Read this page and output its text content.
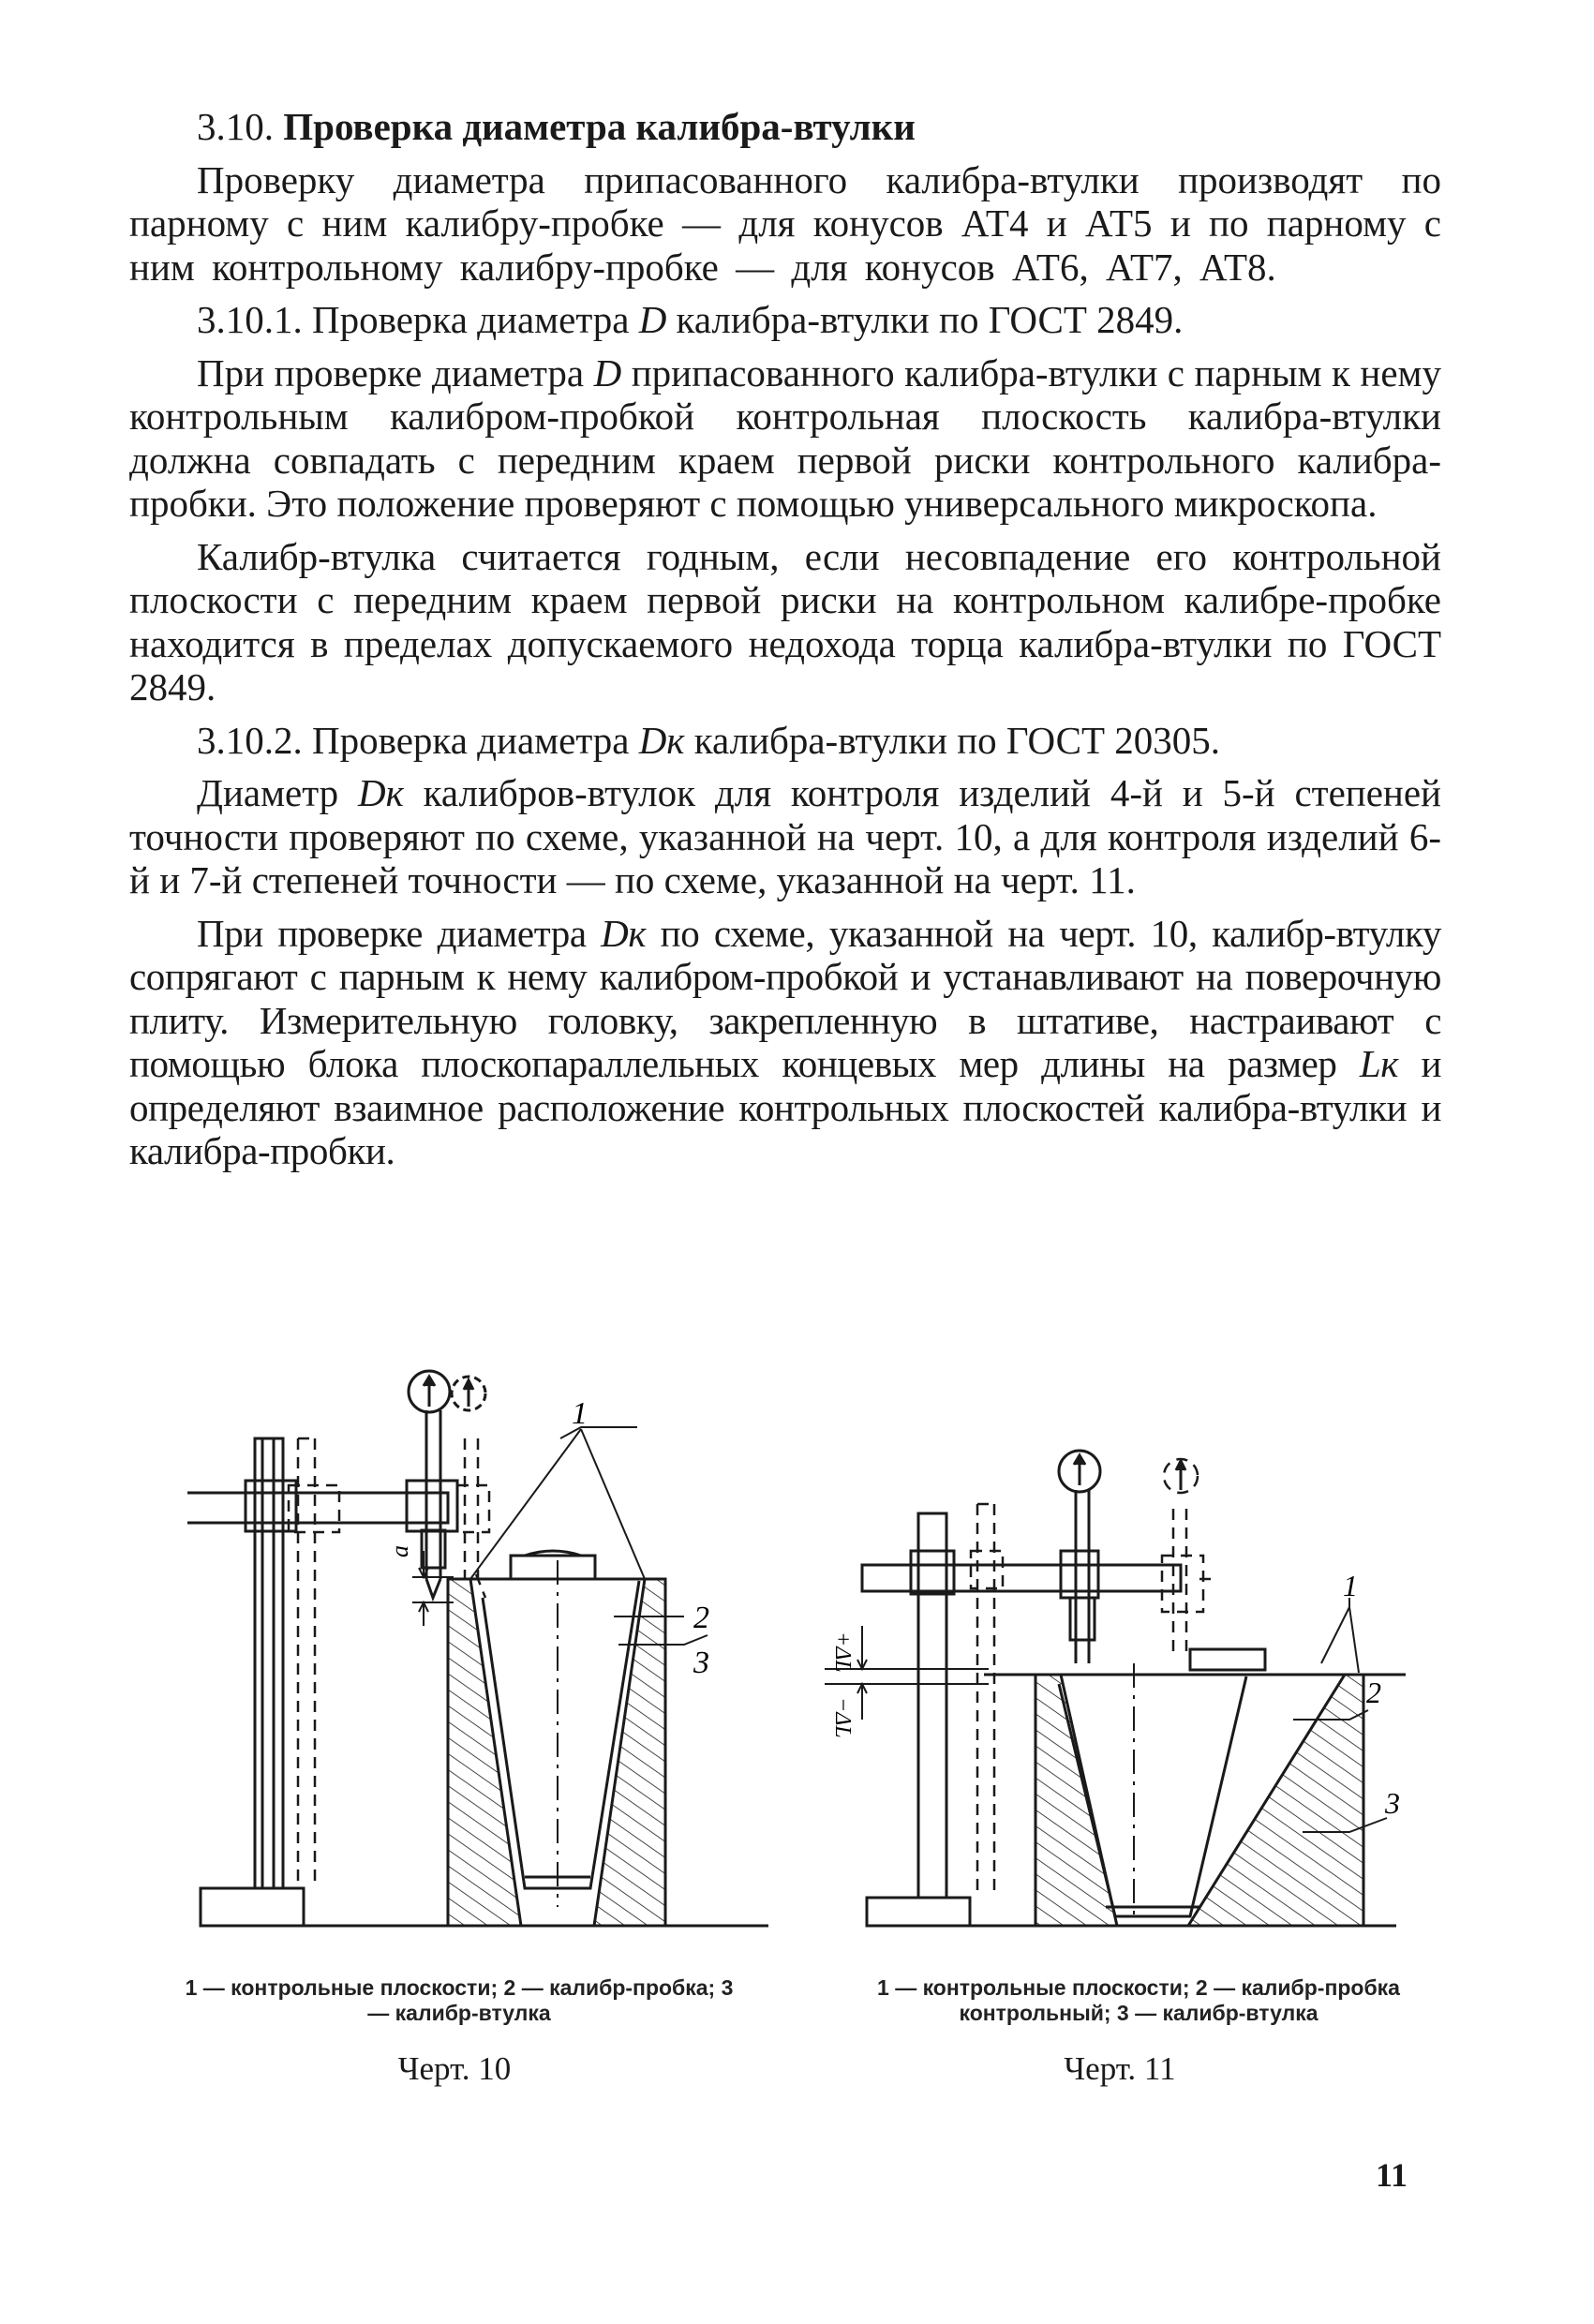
3.10. Проверка диаметра калибра-втулки

Проверку диаметра припасованного калибра-втулки производят по парному с ним калибру-пробке — для конусов АТ4 и АТ5 и по парному с ним контрольному калибру-пробке — для конусов АТ6, АТ7, АТ8.

3.10.1. Проверка диаметра D калибра-втулки по ГОСТ 2849.

При проверке диаметра D припасованного калибра-втулки с парным к нему контрольным калибром-пробкой контрольная плоскость калибра-втулки должна совпадать с передним краем первой риски контрольного калибра-пробки. Это положение проверяют с помощью универсального микроскопа.

Калибр-втулка считается годным, если несовпадение его контрольной плоскости с передним краем первой риски на контрольном калибре-пробке находится в пределах допускаемого недохода торца калибра-втулки по ГОСТ 2849.

3.10.2. Проверка диаметра Dк калибра-втулки по ГОСТ 20305.

Диаметр Dк калибров-втулок для контроля изделий 4-й и 5-й степеней точности проверяют по схеме, указанной на черт. 10, а для контроля изделий 6-й и 7-й степеней точности — по схеме, указанной на черт. 11.

При проверке диаметра Dк по схеме, указанной на черт. 10, калибр-втулку сопрягают с парным к нему калибром-пробкой и устанавливают на поверочную плиту. Измерительную головку, закрепленную в штативе, настраивают с помощью блока плоскопараллельных концевых мер длины на размер Lк и определяют взаимное расположение контрольных плоскостей калибра-втулки и калибра-пробки.

a
1
2
3
1 — контрольные плоскости; 2 — калибр-пробка; 3 — калибр-втулка
Черт. 10
+ΔL
−ΔL
1
2
3
1 — контрольные плоскости; 2 — калибр-пробка контрольный; 3 — калибр-втулка
Черт. 11
11
